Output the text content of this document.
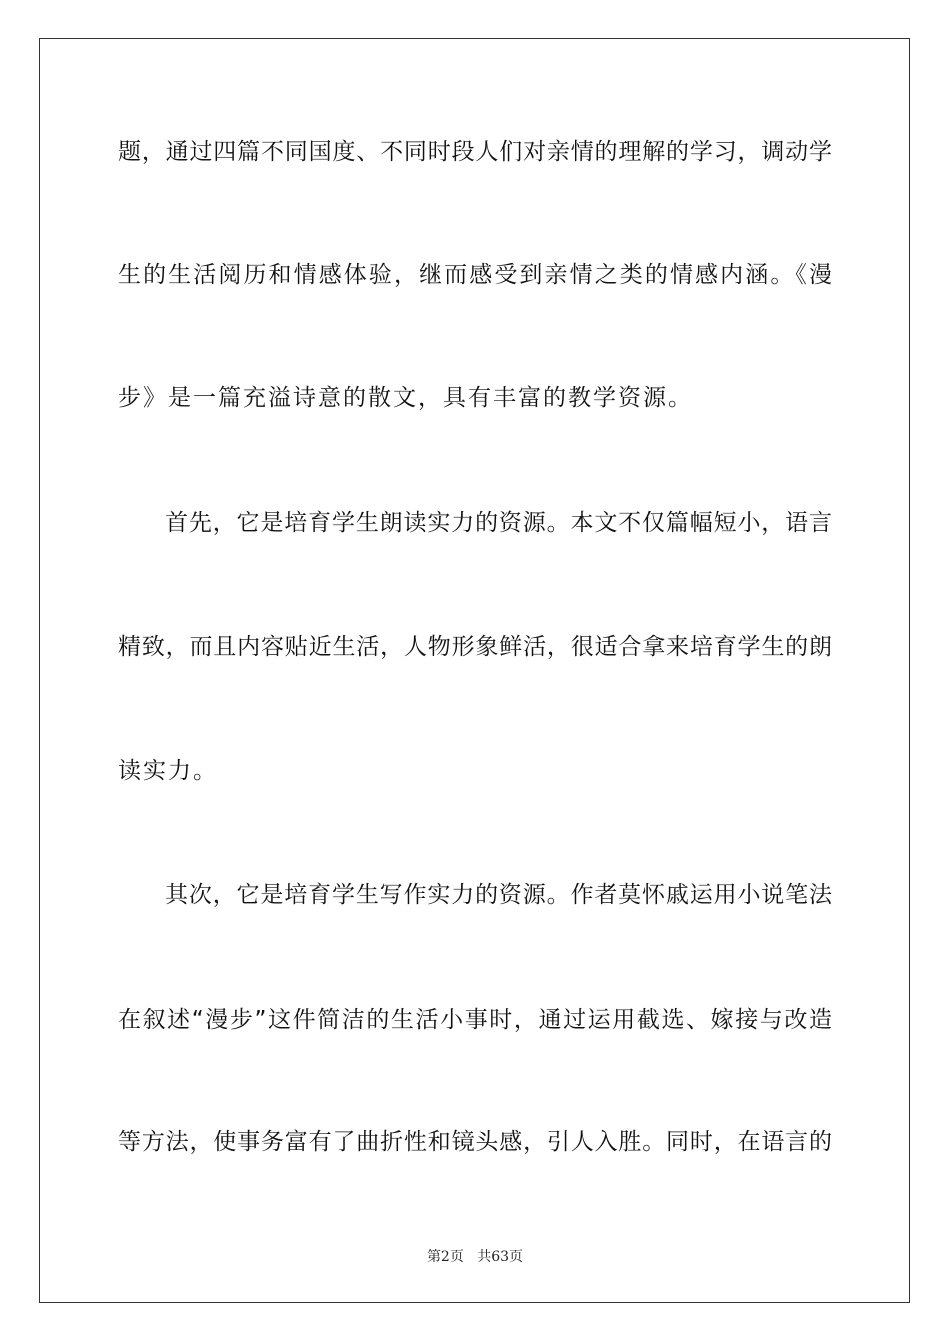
题，通过四篇不同国度、不同时段人们对亲情的理解的学习，调动学
生的生活阅历和情感体验，继而感受到亲情之类的情感内涵。《漫
步》是一篇充溢诗意的散文，具有丰富的教学资源。
首先，它是培育学生朗读实力的资源。本文不仅篇幅短小，语言
精致，而且内容贴近生活，人物形象鲜活，很适合拿来培育学生的朗
读实力。
其次，它是培育学生写作实力的资源。作者莫怀戚运用小说笔法
在叙述“漫步”这件简洁的生活小事时，通过运用截选、嫁接与改造
等方法，使事务富有了曲折性和镜头感，引人入胜。同时，在语言的
第2页 共63页
